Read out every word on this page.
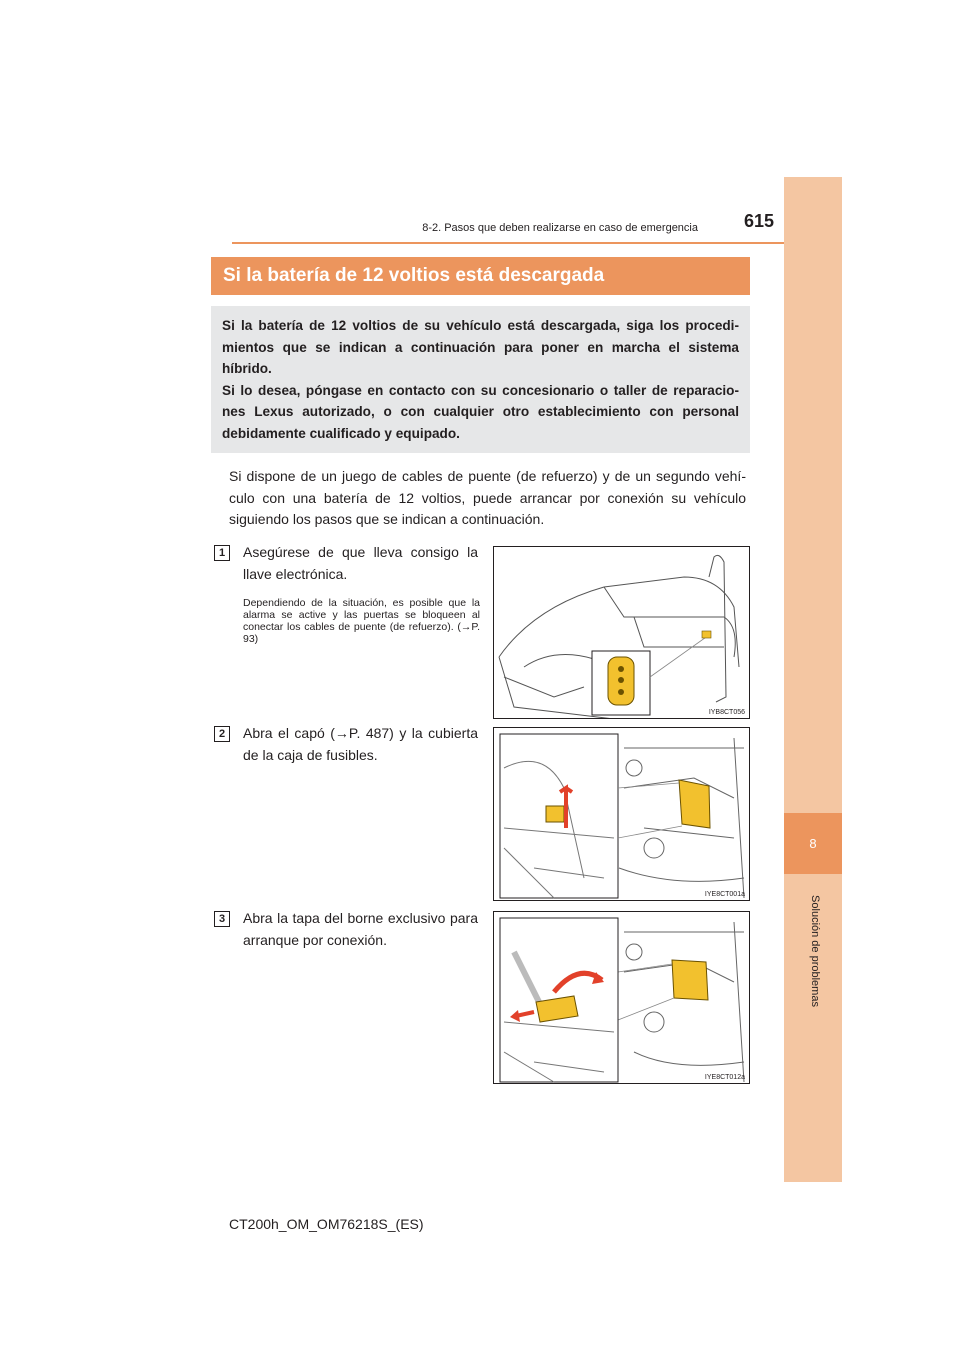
8-2. Pasos que deben realizarse en caso de emergencia	615
8
Solución de problemas
Si la batería de 12 voltios está descargada

Si la batería de 12 voltios de su vehículo está descargada, siga los procedi-mientos que se indican a continuación para poner en marcha el sistema híbrido.

Si lo desea, póngase en contacto con su concesionario o taller de reparacio-nes Lexus autorizado, o con cualquier otro establecimiento con personal debidamente cualificado y equipado.

Si dispone de un juego de cables de puente (de refuerzo) y de un segundo vehí-culo con una batería de 12 voltios, puede arrancar por conexión su vehículo siguiendo los pasos que se indican a continuación.
1	Asegúrese de que lleva consigo la llave electrónica.
Dependiendo de la situación, es posible que la alarma se active y las puertas se bloqueen al conectar los cables de puente (de refuerzo). (→P. 93)
IYB8CT056
2	Abra el capó (→P. 487) y la cubierta de la caja de fusibles.
IYE8CT001a
3	Abra la tapa del borne exclusivo para arranque por conexión.
IYE8CT012a
CT200h_OM_OM76218S_(ES)
